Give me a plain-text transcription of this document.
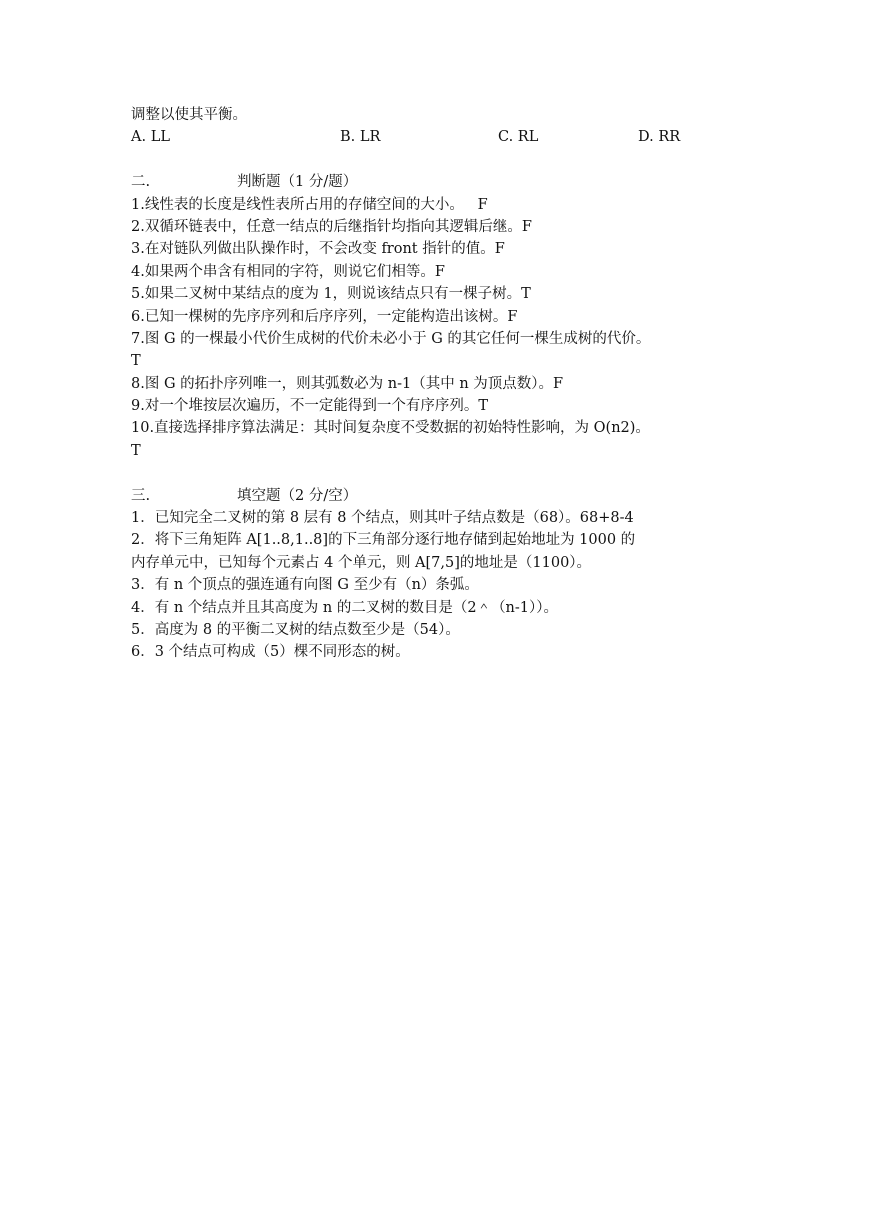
调整以使其平衡。
A. LL	B. LR	C. RL	D. RR
二.	判断题（1 分/题）
1.线性表的长度是线性表所占用的存储空间的大小。   F
2.双循环链表中，任意一结点的后继指针均指向其逻辑后继。F
3.在对链队列做出队操作时，不会改变 front 指针的值。F
4.如果两个串含有相同的字符，则说它们相等。F
5.如果二叉树中某结点的度为 1，则说该结点只有一棵子树。T
6.已知一棵树的先序序列和后序序列，一定能构造出该树。F
7.图 G 的一棵最小代价生成树的代价未必小于 G 的其它任何一棵生成树的代价。
T
8.图 G 的拓扑序列唯一，则其弧数必为 n-1（其中 n 为顶点数）。F
9.对一个堆按层次遍历，不一定能得到一个有序序列。T
10.直接选择排序算法满足：其时间复杂度不受数据的初始特性影响，为 O(n2)。
T
三.	填空题（2 分/空）
1．已知完全二叉树的第 8 层有 8 个结点，则其叶子结点数是（68）。68+8-4
2．将下三角矩阵 A[1..8,1..8]的下三角部分逐行地存储到起始地址为 1000 的
内存单元中，已知每个元素占 4 个单元，则 A[7,5]的地址是（1100）。
3．有 n 个顶点的强连通有向图 G 至少有（n）条弧。
4．有 n 个结点并且其高度为 n 的二叉树的数目是（2＾（n-1））。
5．高度为 8 的平衡二叉树的结点数至少是（54）。
6．3 个结点可构成（5）棵不同形态的树。
